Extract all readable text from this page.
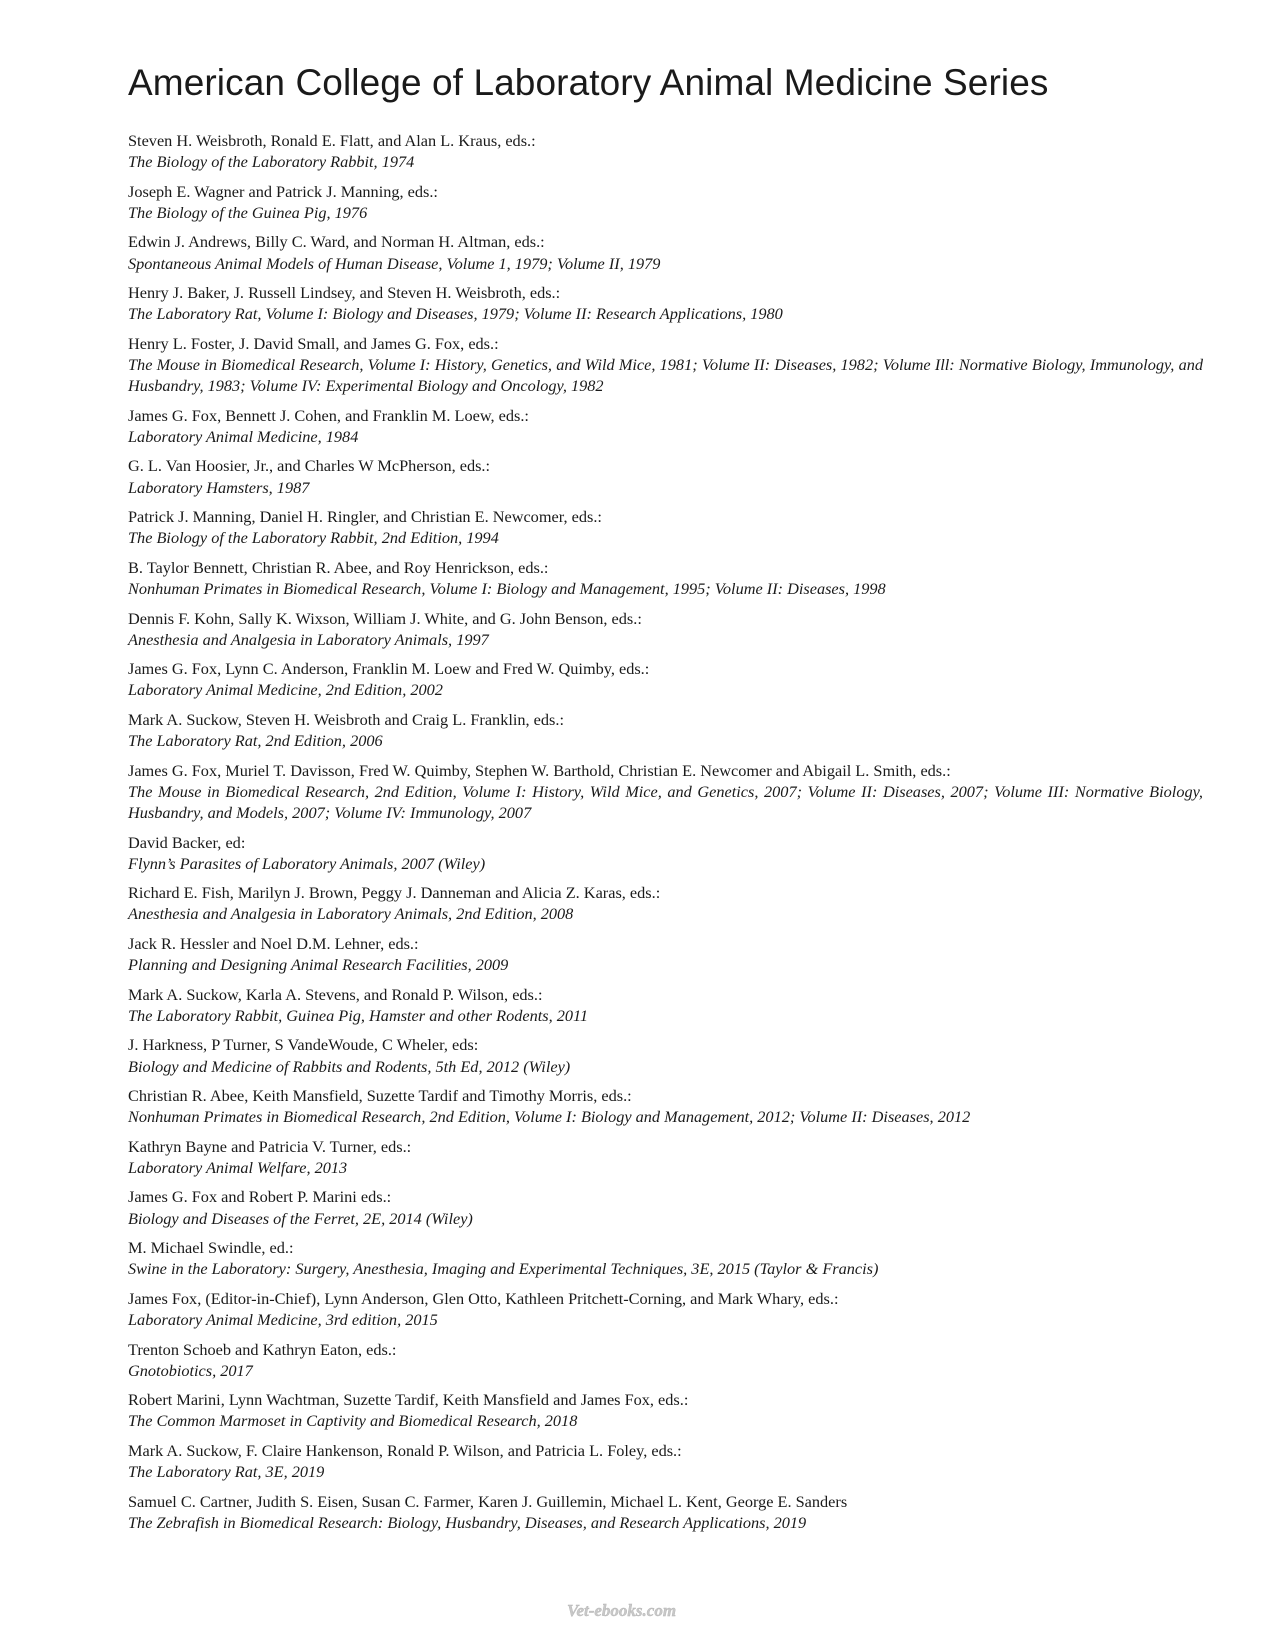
American College of Laboratory Animal Medicine Series
Steven H. Weisbroth, Ronald E. Flatt, and Alan L. Kraus, eds.:
The Biology of the Laboratory Rabbit, 1974
Joseph E. Wagner and Patrick J. Manning, eds.:
The Biology of the Guinea Pig, 1976
Edwin J. Andrews, Billy C. Ward, and Norman H. Altman, eds.:
Spontaneous Animal Models of Human Disease, Volume 1, 1979; Volume II, 1979
Henry J. Baker, J. Russell Lindsey, and Steven H. Weisbroth, eds.:
The Laboratory Rat, Volume I: Biology and Diseases, 1979; Volume II: Research Applications, 1980
Henry L. Foster, J. David Small, and James G. Fox, eds.:
The Mouse in Biomedical Research, Volume I: History, Genetics, and Wild Mice, 1981; Volume II: Diseases, 1982; Volume Ill: Normative Biology, Immunology, and Husbandry, 1983; Volume IV: Experimental Biology and Oncology, 1982
James G. Fox, Bennett J. Cohen, and Franklin M. Loew, eds.:
Laboratory Animal Medicine, 1984
G. L. Van Hoosier, Jr., and Charles W McPherson, eds.:
Laboratory Hamsters, 1987
Patrick J. Manning, Daniel H. Ringler, and Christian E. Newcomer, eds.:
The Biology of the Laboratory Rabbit, 2nd Edition, 1994
B. Taylor Bennett, Christian R. Abee, and Roy Henrickson, eds.:
Nonhuman Primates in Biomedical Research, Volume I: Biology and Management, 1995; Volume II: Diseases, 1998
Dennis F. Kohn, Sally K. Wixson, William J. White, and G. John Benson, eds.:
Anesthesia and Analgesia in Laboratory Animals, 1997
James G. Fox, Lynn C. Anderson, Franklin M. Loew and Fred W. Quimby, eds.:
Laboratory Animal Medicine, 2nd Edition, 2002
Mark A. Suckow, Steven H. Weisbroth and Craig L. Franklin, eds.:
The Laboratory Rat, 2nd Edition, 2006
James G. Fox, Muriel T. Davisson, Fred W. Quimby, Stephen W. Barthold, Christian E. Newcomer and Abigail L. Smith, eds.:
The Mouse in Biomedical Research, 2nd Edition, Volume I: History, Wild Mice, and Genetics, 2007; Volume II: Diseases, 2007; Volume III: Normative Biology, Husbandry, and Models, 2007; Volume IV: Immunology, 2007
David Backer, ed:
Flynn’s Parasites of Laboratory Animals, 2007 (Wiley)
Richard E. Fish, Marilyn J. Brown, Peggy J. Danneman and Alicia Z. Karas, eds.:
Anesthesia and Analgesia in Laboratory Animals, 2nd Edition, 2008
Jack R. Hessler and Noel D.M. Lehner, eds.:
Planning and Designing Animal Research Facilities, 2009
Mark A. Suckow, Karla A. Stevens, and Ronald P. Wilson, eds.:
The Laboratory Rabbit, Guinea Pig, Hamster and other Rodents, 2011
J. Harkness, P Turner, S VandeWoude, C Wheler, eds:
Biology and Medicine of Rabbits and Rodents, 5th Ed, 2012 (Wiley)
Christian R. Abee, Keith Mansfield, Suzette Tardif and Timothy Morris, eds.:
Nonhuman Primates in Biomedical Research, 2nd Edition, Volume I: Biology and Management, 2012; Volume II: Diseases, 2012
Kathryn Bayne and Patricia V. Turner, eds.:
Laboratory Animal Welfare, 2013
James G. Fox and Robert P. Marini eds.:
Biology and Diseases of the Ferret, 2E, 2014 (Wiley)
M. Michael Swindle, ed.:
Swine in the Laboratory: Surgery, Anesthesia, Imaging and Experimental Techniques, 3E, 2015 (Taylor & Francis)
James Fox, (Editor-in-Chief), Lynn Anderson, Glen Otto, Kathleen Pritchett-Corning, and Mark Whary, eds.:
Laboratory Animal Medicine, 3rd edition, 2015
Trenton Schoeb and Kathryn Eaton, eds.:
Gnotobiotics, 2017
Robert Marini, Lynn Wachtman, Suzette Tardif, Keith Mansfield and James Fox, eds.:
The Common Marmoset in Captivity and Biomedical Research, 2018
Mark A. Suckow, F. Claire Hankenson, Ronald P. Wilson, and Patricia L. Foley, eds.:
The Laboratory Rat, 3E, 2019
Samuel C. Cartner, Judith S. Eisen, Susan C. Farmer, Karen J. Guillemin, Michael L. Kent, George E. Sanders
The Zebrafish in Biomedical Research: Biology, Husbandry, Diseases, and Research Applications, 2019
Vet-ebooks.com
